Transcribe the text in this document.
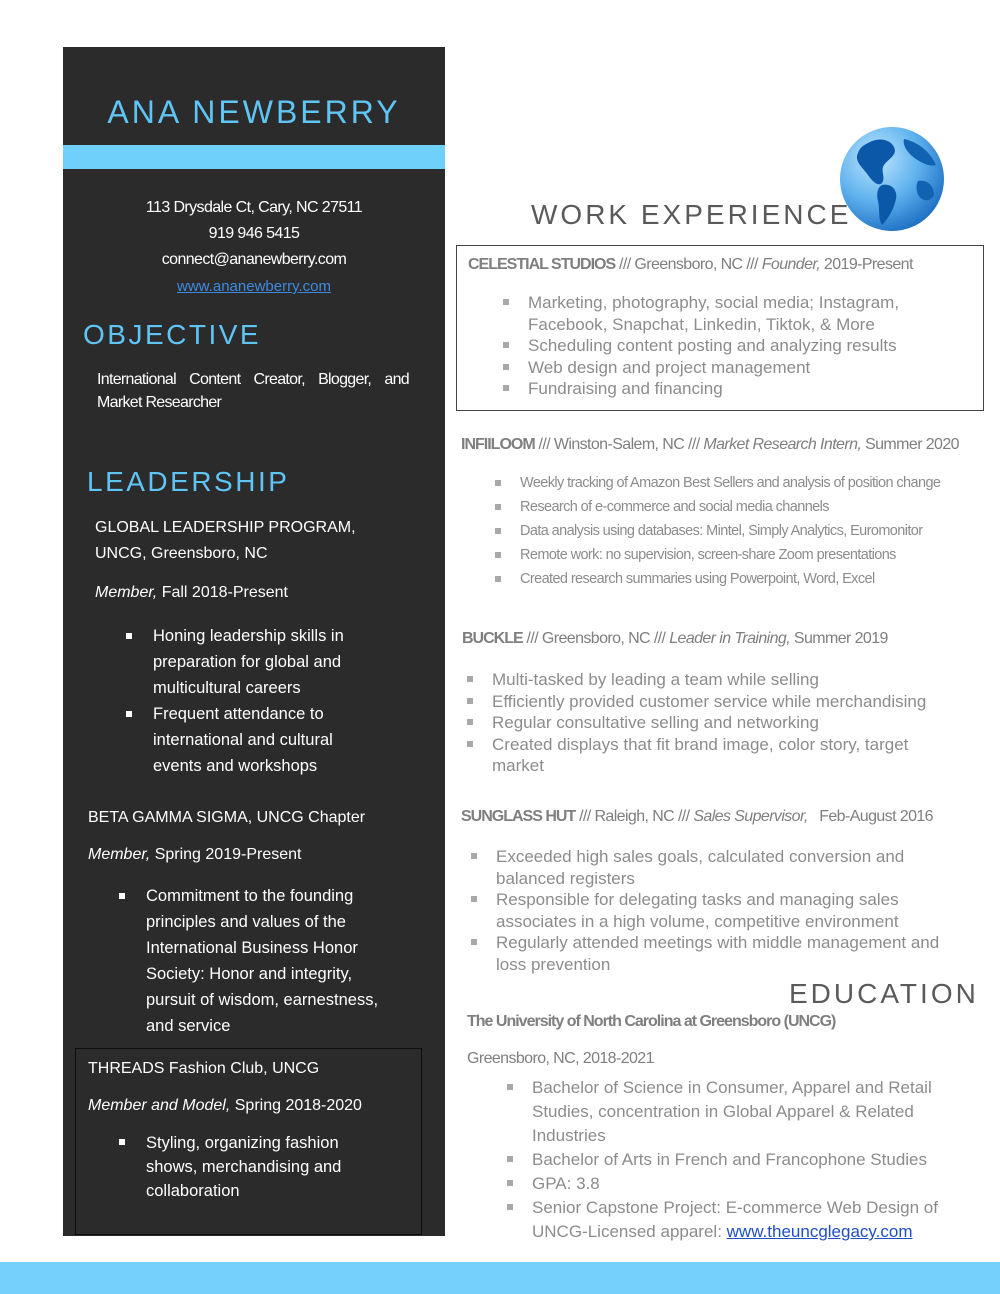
ANA NEWBERRY
113 Drysdale Ct, Cary, NC 27511
919 946 5415
connect@ananewberry.com
www.ananewberry.com
OBJECTIVE
International Content Creator, Blogger, and
Market Researcher
LEADERSHIP
GLOBAL LEADERSHIP PROGRAM,
UNCG, Greensboro, NC
Member, Fall 2018-Present
Honing leadership skills in
preparation for global and
multicultural careers
Frequent attendance to
international and cultural
events and workshops
BETA GAMMA SIGMA, UNCG Chapter
Member, Spring 2019-Present
Commitment to the founding
principles and values of the
International Business Honor
Society: Honor and integrity,
pursuit of wisdom, earnestness,
and service
THREADS Fashion Club, UNCG
Member and Model, Spring 2018-2020
Styling, organizing fashion
shows, merchandising and
collaboration
WORK EXPERIENCE
CELESTIAL STUDIOS /// Greensboro, NC /// Founder, 2019-Present
Marketing, photography, social media; Instagram,
Facebook, Snapchat, Linkedin, Tiktok, & More
Scheduling content posting and analyzing results
Web design and project management
Fundraising and financing
INFIILOOM /// Winston-Salem, NC /// Market Research Intern, Summer 2020
Weekly tracking of Amazon Best Sellers and analysis of position change
Research of e-commerce and social media channels
Data analysis using databases: Mintel, Simply Analytics, Euromonitor
Remote work: no supervision, screen-share Zoom presentations
Created research summaries using Powerpoint, Word, Excel
BUCKLE /// Greensboro, NC /// Leader in Training, Summer 2019
Multi-tasked by leading a team while selling
Efficiently provided customer service while merchandising
Regular consultative selling and networking
Created displays that fit brand image, color story, target
market
SUNGLASS HUT /// Raleigh, NC /// Sales Supervisor,   Feb-August 2016
Exceeded high sales goals, calculated conversion and
balanced registers
Responsible for delegating tasks and managing sales
associates in a high volume, competitive environment
Regularly attended meetings with middle management and
loss prevention
EDUCATION
The University of North Carolina at Greensboro (UNCG)
Greensboro, NC, 2018-2021
Bachelor of Science in Consumer, Apparel and Retail
Studies, concentration in Global Apparel & Related
Industries
Bachelor of Arts in French and Francophone Studies
GPA: 3.8
Senior Capstone Project: E-commerce Web Design of
UNCG-Licensed apparel: www.theuncglegacy.com
